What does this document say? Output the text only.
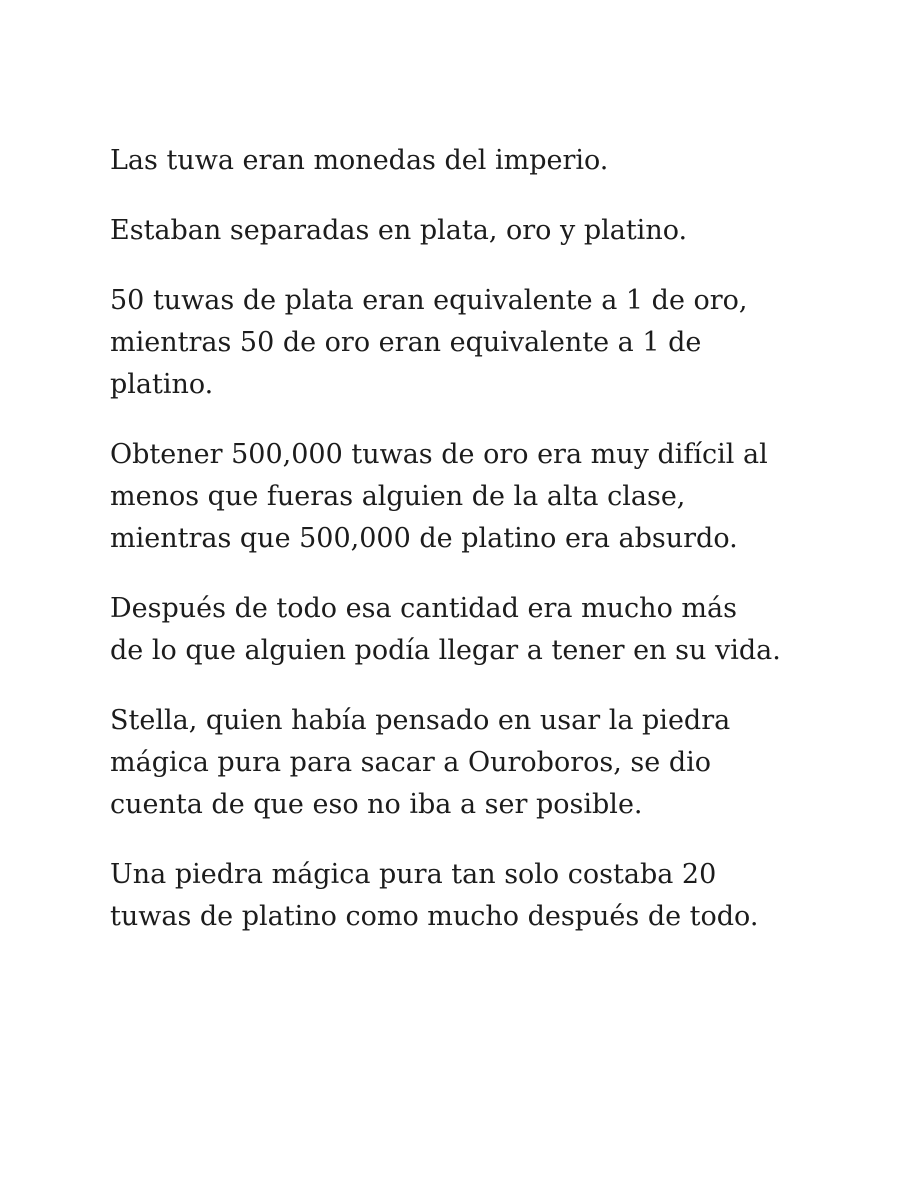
Las tuwa eran monedas del imperio.

Estaban separadas en plata, oro y platino.

50 tuwas de plata eran equivalente a 1 de oro,
mientras 50 de oro eran equivalente a 1 de
platino.

Obtener 500,000 tuwas de oro era muy difícil al
menos que fueras alguien de la alta clase,
mientras que 500,000 de platino era absurdo.

Después de todo esa cantidad era mucho más
de lo que alguien podía llegar a tener en su vida.

Stella, quien había pensado en usar la piedra
mágica pura para sacar a Ouroboros, se dio
cuenta de que eso no iba a ser posible.

Una piedra mágica pura tan solo costaba 20
tuwas de platino como mucho después de todo.
